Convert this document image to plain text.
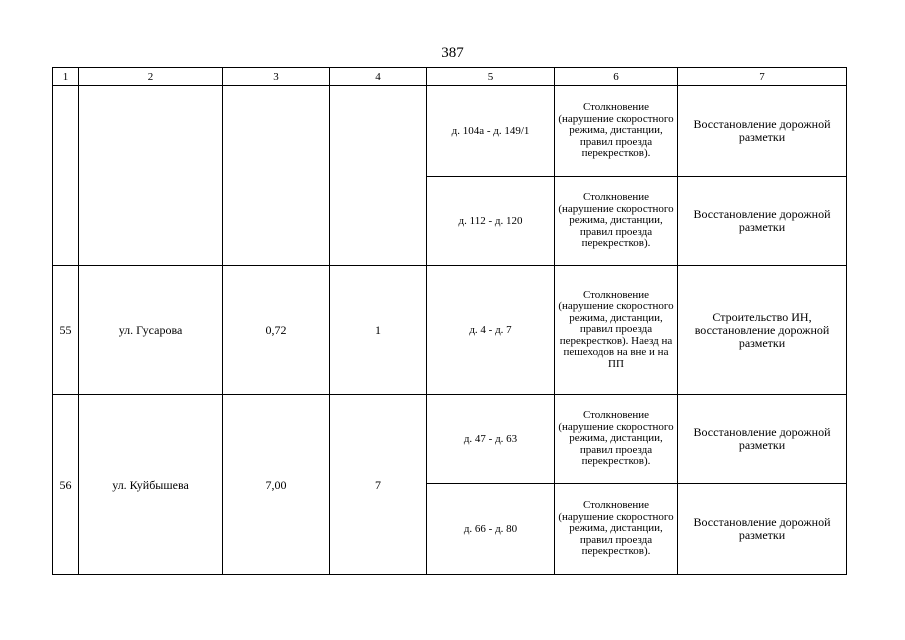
387
1	2	3	4	5	6	7
				д. 104а - д. 149/1	Столкновение (нарушение скоростного режима, дистанции, правил проезда перекрестков).	Восстановление дорожной разметки
				д. 112 - д. 120	Столкновение (нарушение скоростного режима, дистанции, правил проезда перекрестков).	Восстановление дорожной разметки
55	ул. Гусарова	0,72	1	д. 4 - д. 7	Столкновение (нарушение скоростного режима, дистанции, правил проезда перекрестков). Наезд на пешеходов на вне и на ПП	Строительство ИН, восстановление дорожной разметки
56	ул. Куйбышева	7,00	7	д. 47 - д. 63	Столкновение (нарушение скоростного режима, дистанции, правил проезда перекрестков).	Восстановление дорожной разметки
				д. 66 - д. 80	Столкновение (нарушение скоростного режима, дистанции, правил проезда перекрестков).	Восстановление дорожной разметки
